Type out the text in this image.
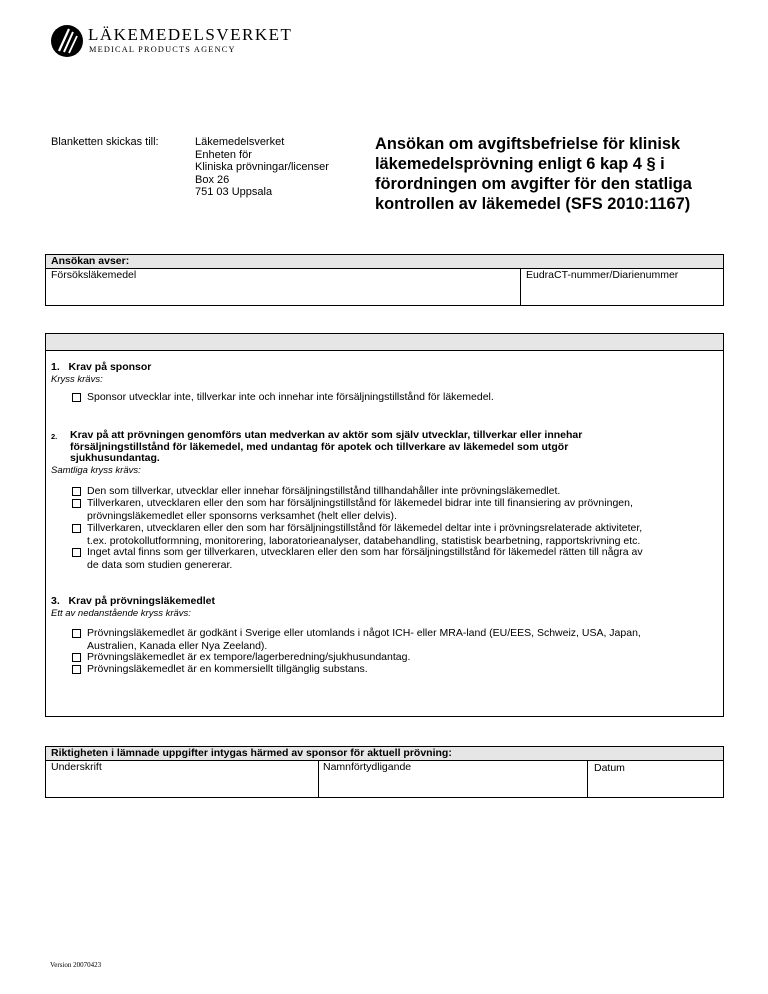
LÄKEMEDELSVERKET
MEDICAL PRODUCTS AGENCY
Blanketten skickas till:	Läkemedelsverket
Enheten för
Kliniska prövningar/licenser
Box 26
751 03 Uppsala
Ansökan om avgiftsbefrielse för klinisk läkemedelsprövning enligt 6 kap 4 § i förordningen om avgifter för den statliga kontrollen av läkemedel (SFS 2010:1167)
Ansökan avser:
Försöksläkemedel	EudraCT-nummer/Diarienummer
1. Krav på sponsor
Kryss krävs:
Sponsor utvecklar inte, tillverkar inte och innehar inte försäljningstillstånd för läkemedel.
2. Krav på att prövningen genomförs utan medverkan av aktör som själv utvecklar, tillverkar eller innehar
försäljningstillstånd för läkemedel, med undantag för apotek och tillverkare av läkemedel som utgör
sjukhusundantag.
Samtliga kryss krävs:
Den som tillverkar, utvecklar eller innehar försäljningstillstånd tillhandahåller inte prövningsläkemedlet.
Tillverkaren, utvecklaren eller den som har försäljningstillstånd för läkemedel bidrar inte till finansiering av prövningen,
prövningsläkemedlet eller sponsorns verksamhet (helt eller delvis).
Tillverkaren, utvecklaren eller den som har försäljningstillstånd för läkemedel deltar inte i prövningsrelaterade aktiviteter,
t.ex. protokollutformning, monitorering, laboratorieanalyser, databehandling, statistisk bearbetning, rapportskrivning etc.
Inget avtal finns som ger tillverkaren, utvecklaren eller den som har försäljningstillstånd för läkemedel rätten till några av
de data som studien genererar.
3. Krav på prövningsläkemedlet
Ett av nedanstående kryss krävs:
Prövningsläkemedlet är godkänt i Sverige eller utomlands i något ICH- eller MRA-land (EU/EES, Schweiz, USA, Japan,
Australien, Kanada eller Nya Zeeland).
Prövningsläkemedlet är ex tempore/lagerberedning/sjukhusundantag.
Prövningsläkemedlet är en kommersiellt tillgänglig substans.
Riktigheten i lämnade uppgifter intygas härmed av sponsor för aktuell prövning:
Underskrift	Namnförtydligande	Datum
Version 20070423
